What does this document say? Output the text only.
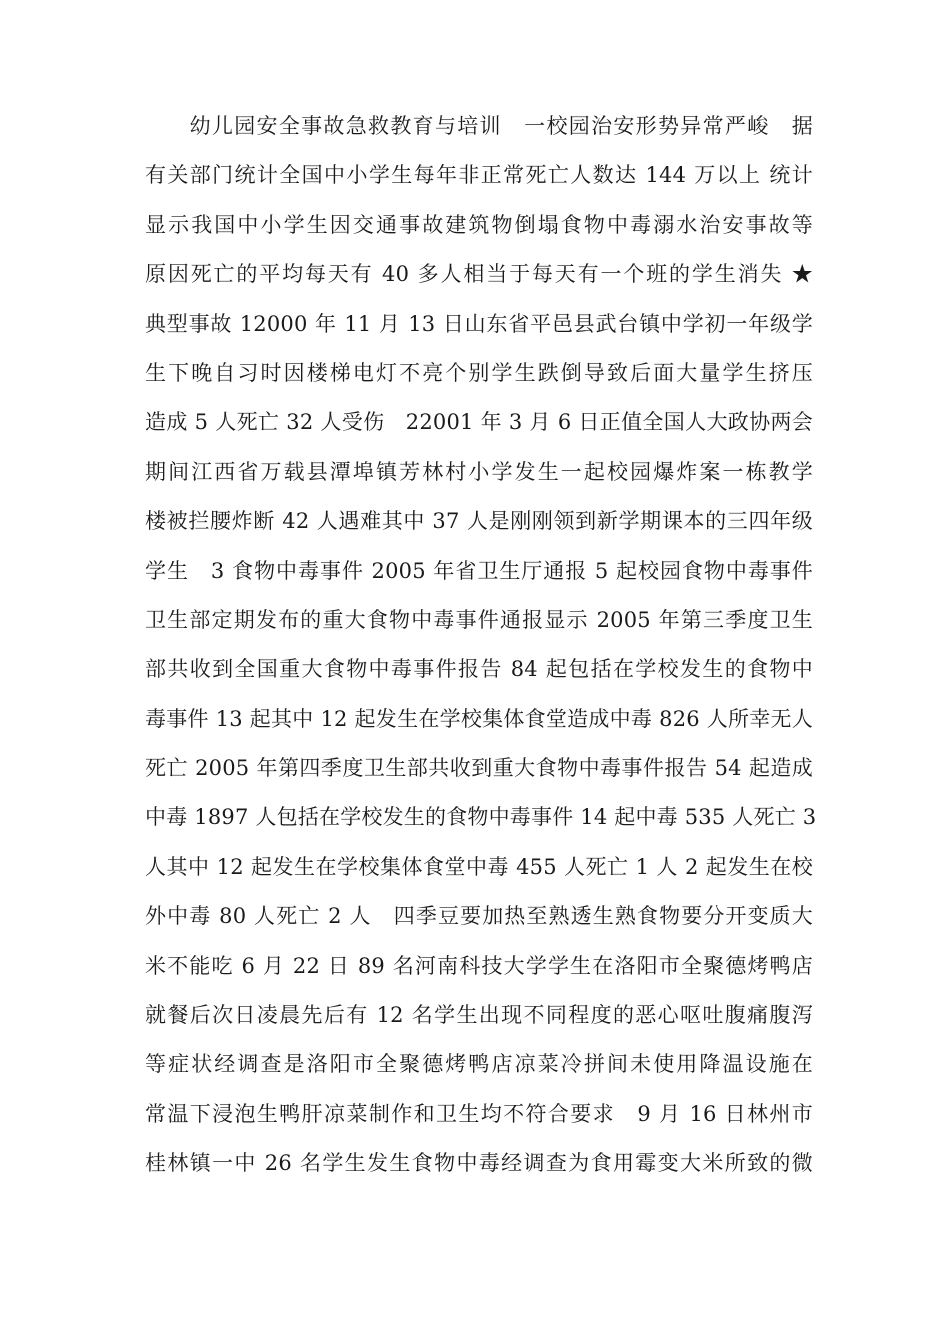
　　幼儿园安全事故急救教育与培训　一校园治安形势异常严峻　据
有关部门统计全国中小学生每年非正常死亡人数达 144 万以上 统计
显示我国中小学生因交通事故建筑物倒塌食物中毒溺水治安事故等
原因死亡的平均每天有 40 多人相当于每天有一个班的学生消失 ★
典型事故 12000 年 11 月 13 日山东省平邑县武台镇中学初一年级学
生下晚自习时因楼梯电灯不亮个别学生跌倒导致后面大量学生挤压
造成 5 人死亡 32 人受伤　22001 年 3 月 6 日正值全国人大政协两会
期间江西省万载县潭埠镇芳林村小学发生一起校园爆炸案一栋教学
楼被拦腰炸断 42 人遇难其中 37 人是刚刚领到新学期课本的三四年级
学生　3 食物中毒事件 2005 年省卫生厅通报 5 起校园食物中毒事件
卫生部定期发布的重大食物中毒事件通报显示 2005 年第三季度卫生
部共收到全国重大食物中毒事件报告 84 起包括在学校发生的食物中
毒事件 13 起其中 12 起发生在学校集体食堂造成中毒 826 人所幸无人
死亡 2005 年第四季度卫生部共收到重大食物中毒事件报告 54 起造成
中毒 1897 人包括在学校发生的食物中毒事件 14 起中毒 535 人死亡 3
人其中 12 起发生在学校集体食堂中毒 455 人死亡 1 人 2 起发生在校
外中毒 80 人死亡 2 人　四季豆要加热至熟透生熟食物要分开变质大
米不能吃 6 月 22 日 89 名河南科技大学学生在洛阳市全聚德烤鸭店
就餐后次日凌晨先后有 12 名学生出现不同程度的恶心呕吐腹痛腹泻
等症状经调查是洛阳市全聚德烤鸭店凉菜冷拼间未使用降温设施在
常温下浸泡生鸭肝凉菜制作和卫生均不符合要求　9 月 16 日林州市
桂林镇一中 26 名学生发生食物中毒经调查为食用霉变大米所致的微
